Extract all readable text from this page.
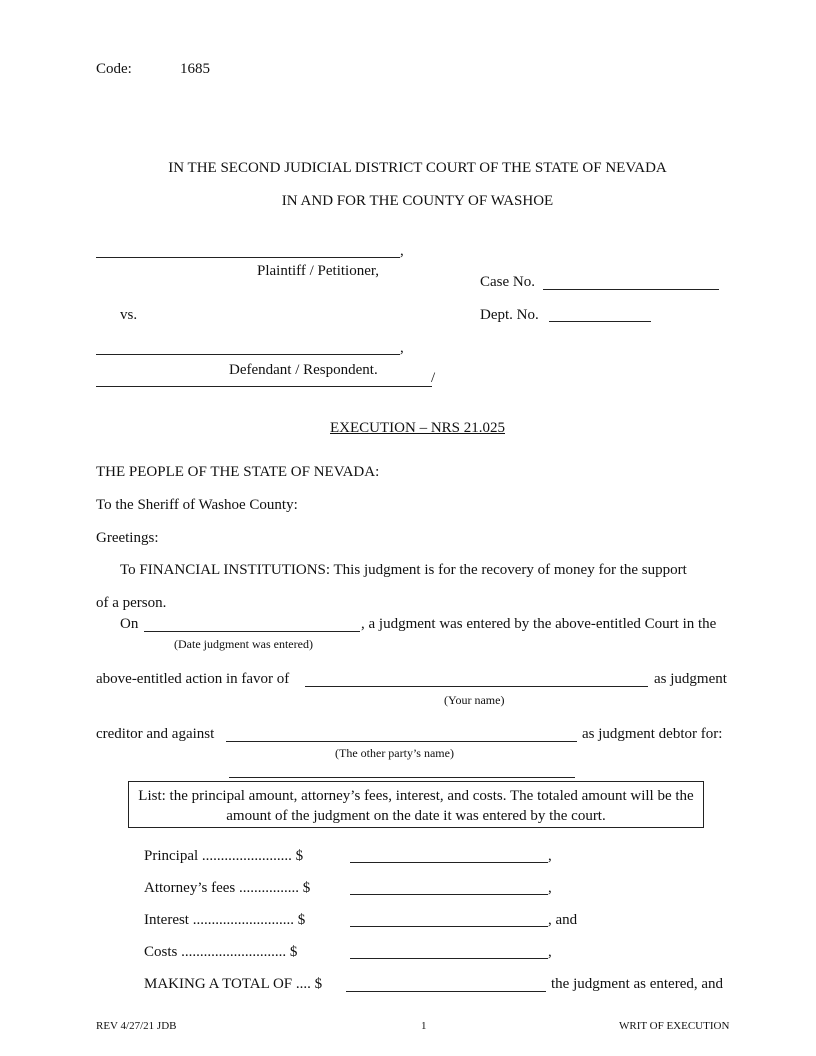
Code:	1685
IN THE SECOND JUDICIAL DISTRICT COURT OF THE STATE OF NEVADA
IN AND FOR THE COUNTY OF WASHOE
,
Plaintiff / Petitioner,
vs.
,
Defendant / Respondent.	/
Case No.
Dept. No.
EXECUTION – NRS 21.025
THE PEOPLE OF THE STATE OF NEVADA:
To the Sheriff of Washoe County:
Greetings:
To FINANCIAL INSTITUTIONS: This judgment is for the recovery of money for the support
of a person.
On	, a judgment was entered by the above-entitled Court in the
(Date judgment was entered)
above-entitled action in favor of	as judgment
(Your name)
creditor and against	as judgment debtor for:
(The other party’s name)
List: the principal amount, attorney’s fees, interest, and costs. The totaled amount will be the amount of the judgment on the date it was entered by the court.
Principal ........................ $	,
Attorney’s fees ................ $	,
Interest ........................... $	, and
Costs ............................ $	,
MAKING A TOTAL OF .... $	the judgment as entered, and
REV 4/27/21 JDB	1	WRIT OF EXECUTION
